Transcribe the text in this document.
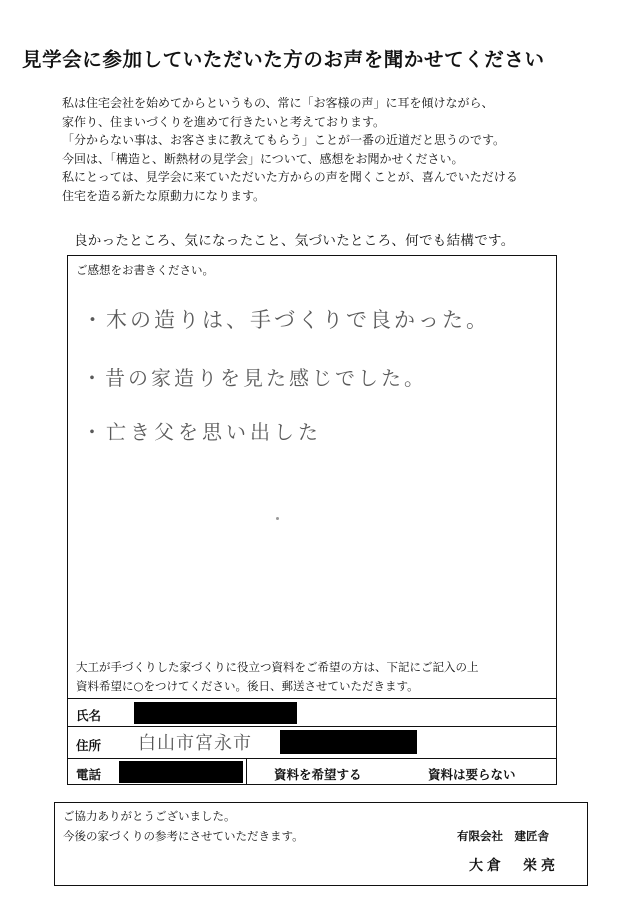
見学会に参加していただいた方のお声を聞かせてください
私は住宅会社を始めてからというもの、常に「お客様の声」に耳を傾けながら、
家作り、住まいづくりを進めて行きたいと考えております。
「分からない事は、お客さまに教えてもらう」ことが一番の近道だと思うのです。
今回は、「構造と、断熱材の見学会」について、感想をお聞かせください。
私にとっては、見学会に来ていただいた方からの声を聞くことが、喜んでいただける
住宅を造る新たな原動力になります。
良かったところ、気になったこと、気づいたところ、何でも結構です。
ご感想をお書きください。
・木の造りは、手づくりで良かった。
・昔の家造りを見た感じでした。
・亡き父を思い出した
大工が手づくりした家づくりに役立つ資料をご希望の方は、下記にご記入の上
資料希望に○をつけてください。後日、郵送させていただきます。
氏名
住所 白山市宮永市
電話	資料を希望する	資料は要らない
ご協力ありがとうございました。
今後の家づくりの参考にさせていただきます。	有限会社　建匠舎
大倉　栄亮
